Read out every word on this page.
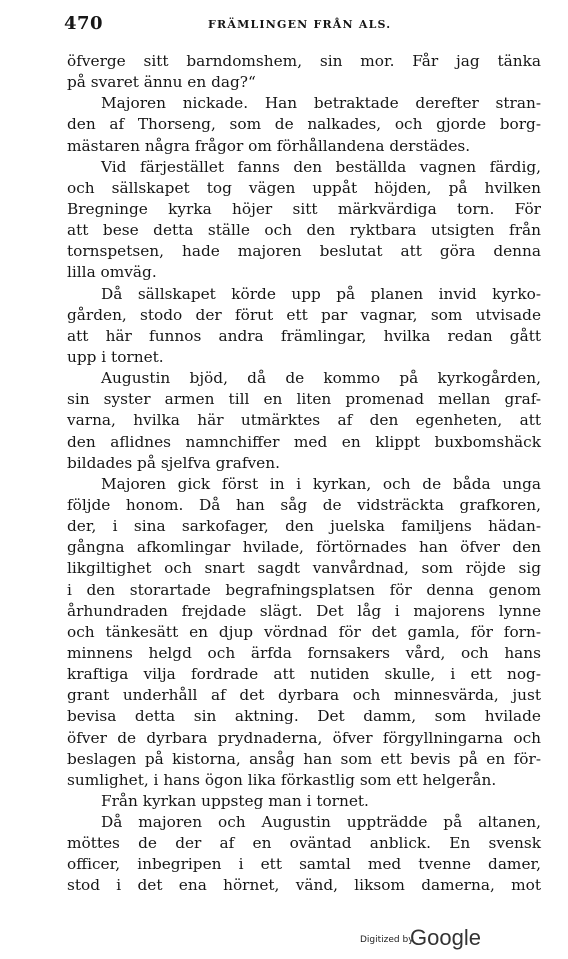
470	FRÄMLINGEN FRÅN ALS.
öfverge sitt barndomshem, sin mor. Får jag tänka
på svaret ännu en dag?“
Majoren nickade. Han betraktade derefter stran-
den af Thorseng, som de nalkades, och gjorde borg-
mästaren några frågor om förhållandena derstädes.
Vid färjestället fanns den beställda vagnen färdig,
och sällskapet tog vägen uppåt höjden, på hvilken
Bregninge kyrka höjer sitt märkvärdiga torn. För
att bese detta ställe och den ryktbara utsigten från
tornspetsen, hade majoren beslutat att göra denna
lilla omväg.
Då sällskapet körde upp på planen invid kyrko-
gården, stodo der förut ett par vagnar, som utvisade
att här funnos andra främlingar, hvilka redan gått
upp i tornet.
Augustin bjöd, då de kommo på kyrkogården,
sin syster armen till en liten promenad mellan graf-
varna, hvilka här utmärktes af den egenheten, att
den aflidnes namnchiffer med en klippt buxbomshäck
bildades på sjelfva grafven.
Majoren gick först in i kyrkan, och de båda unga
följde honom. Då han såg de vidsträckta grafkoren,
der, i sina sarkofager, den juelska familjens hädan-
gångna afkomlingar hvilade, förtörnades han öfver den
likgiltighet och snart sagdt vanvårdnad, som röjde sig
i den storartade begrafningsplatsen för denna genom
århundraden frejdade slägt. Det låg i majorens lynne
och tänkesätt en djup vördnad för det gamla, för forn-
minnens helgd och ärfda fornsakers vård, och hans
kraftiga vilja fordrade att nutiden skulle, i ett nog-
grant underhåll af det dyrbara och minnesvärda, just
bevisa detta sin aktning. Det damm, som hvilade
öfver de dyrbara prydnaderna, öfver förgyllningarna och
beslagen på kistorna, ansåg han som ett bevis på en för-
sumlighet, i hans ögon lika förkastlig som ett helgerån.
Från kyrkan uppsteg man i tornet.
Då majoren och Augustin uppträdde på altanen,
möttes de der af en oväntad anblick. En svensk
officer, inbegripen i ett samtal med tvenne damer,
stod i det ena hörnet, vänd, liksom damerna, mot
Digitized by
Google
